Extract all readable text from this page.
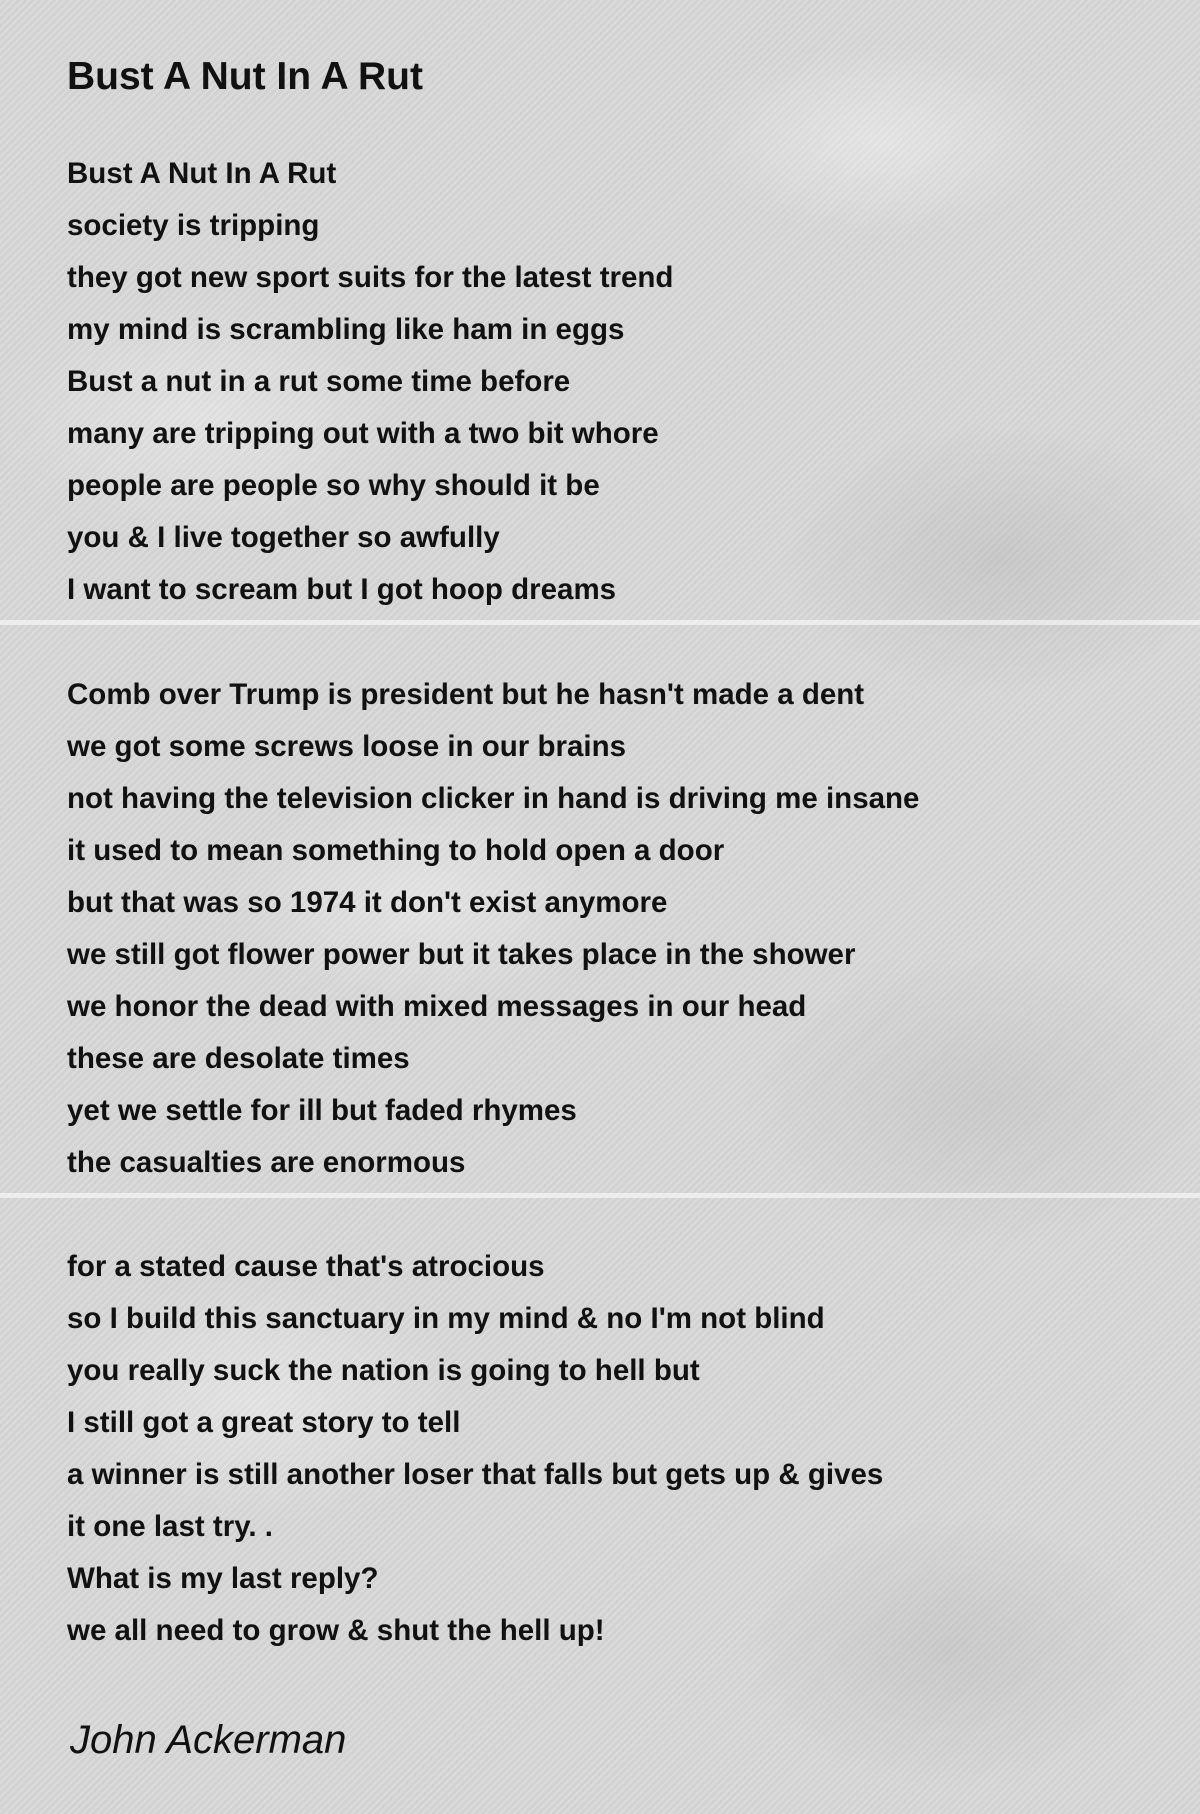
Bust A Nut In A Rut
Bust A Nut In A Rut
society is tripping
they got new sport suits for the latest trend
my mind is scrambling like ham in eggs
Bust a nut in a rut some time before
many are tripping out with a two bit whore
people are people so why should it be
you & I live together so awfully
I want to scream but I got hoop dreams
Comb over Trump is president but he hasn't made a dent
we got some screws loose in our brains
not having the television clicker in hand is driving me insane
it used to mean something to hold open a door
but that was so 1974 it don't exist anymore
we still got flower power but it takes place in the shower
we honor the dead with mixed messages in our head
these are desolate times
yet we settle for ill but faded rhymes
the casualties are enormous
for a stated cause that's atrocious
so I build this sanctuary in my mind & no I'm not blind
you really suck the nation is going to hell but
I still got a great story to tell
a winner is still another loser that falls but gets up & gives
it one last try. .
What is my last reply?
we all need to grow & shut the hell up!

John Ackerman
